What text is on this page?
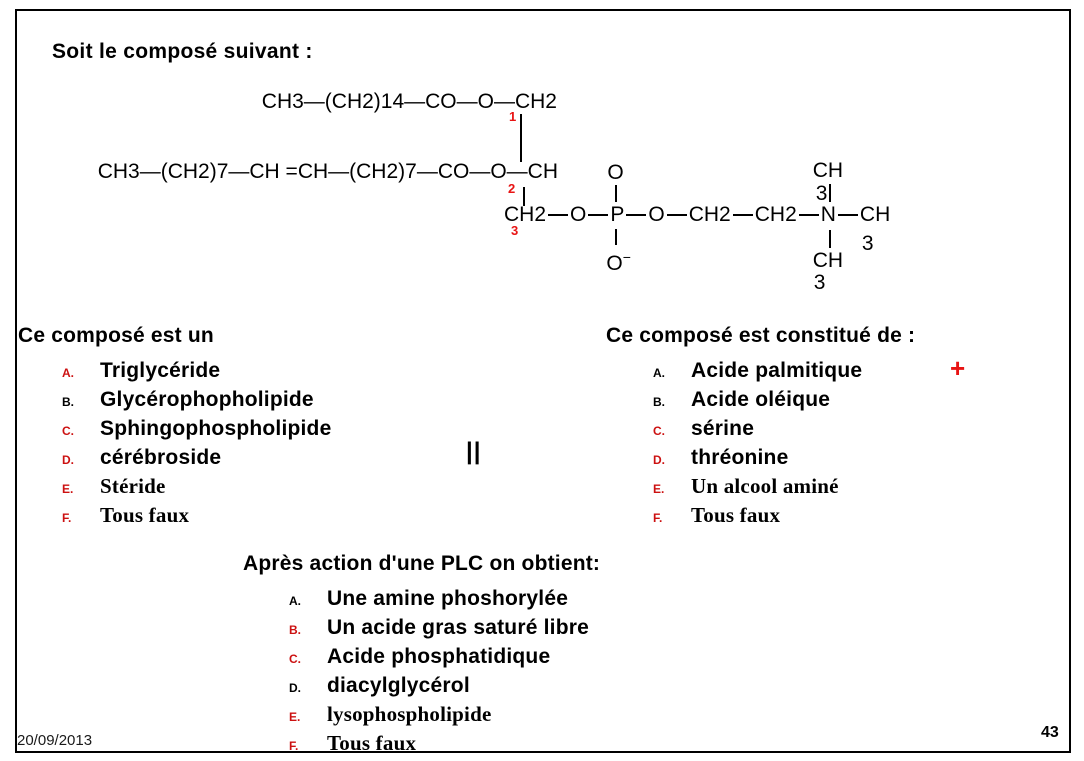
Soit le composé suivant :
CH3—(CH2)14—CO—O—CH2
1
CH3—(CH2)7—CH =CH—(CH2)7—CO—O—CH
2
3
CH2 O P
O
O−
O CH2 CH2 N
CH
3
CH
3
CH
3
||
+
Ce composé est un
A.	Triglycéride
B.	Glycérophopholipide
C.	Sphingophospholipide
D.	cérébroside
E.	Stéride
F.	Tous faux
Ce composé est constitué de :
A.	Acide palmitique
B.	Acide oléique
C.	sérine
D.	thréonine
E.	Un alcool aminé
F.	Tous faux
Après action d'une PLC on obtient:
A.	Une amine phoshorylée
B.	Un acide gras saturé libre
C.	Acide phosphatidique
D.	diacylglycérol
E.	lysophospholipide
F.	Tous faux
20/09/2013	43
